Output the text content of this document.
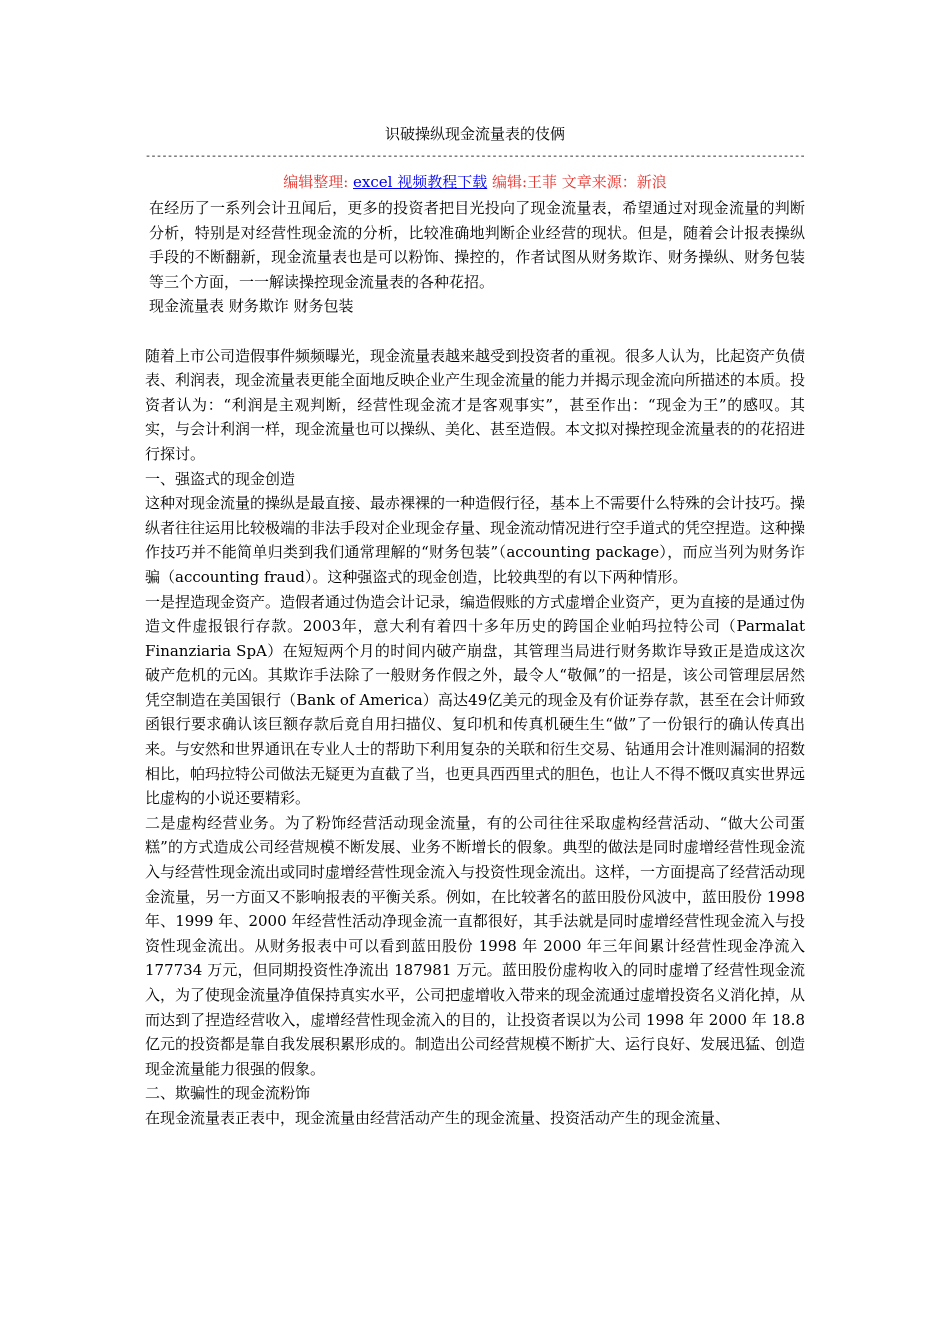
识破操纵现金流量表的伎俩
------------------------------------------------------------------------------------------------------------------------
编辑整理: excel 视频教程下载 编辑:王菲 文章来源：新浪

在经历了一系列会计丑闻后，更多的投资者把目光投向了现金流量表，希望通过对现金流量的判断分析，特别是对经营性现金流的分析，比较准确地判断企业经营的现状。但是，随着会计报表操纵手段的不断翻新，现金流量表也是可以粉饰、操控的，作者试图从财务欺诈、财务操纵、财务包装等三个方面，一一解读操控现金流量表的各种花招。

现金流量表 财务欺诈 财务包装

随着上市公司造假事件频频曝光，现金流量表越来越受到投资者的重视。很多人认为，比起资产负债表、利润表，现金流量表更能全面地反映企业产生现金流量的能力并揭示现金流向所描述的本质。投资者认为：“利润是主观判断，经营性现金流才是客观事实”，甚至作出：“现金为王”的感叹。其实，与会计利润一样，现金流量也可以操纵、美化、甚至造假。本文拟对操控现金流量表的的花招进行探讨。

一、强盗式的现金创造

这种对现金流量的操纵是最直接、最赤裸裸的一种造假行径，基本上不需要什么特殊的会计技巧。操纵者往往运用比较极端的非法手段对企业现金存量、现金流动情况进行空手道式的凭空捏造。这种操作技巧并不能简单归类到我们通常理解的“财务包装”（accounting package），而应当列为财务诈骗（accounting fraud）。这种强盗式的现金创造，比较典型的有以下两种情形。

一是捏造现金资产。造假者通过伪造会计记录，编造假账的方式虚增企业资产，更为直接的是通过伪造文件虚报银行存款。2003年，意大利有着四十多年历史的跨国企业帕玛拉特公司（Parmalat Finanziaria SpA）在短短两个月的时间内破产崩盘，其管理当局进行财务欺诈导致正是造成这次破产危机的元凶。其欺诈手法除了一般财务作假之外，最令人“敬佩”的一招是，该公司管理层居然凭空制造在美国银行（Bank of America）高达49亿美元的现金及有价证券存款，甚至在会计师致函银行要求确认该巨额存款后竟自用扫描仪、复印机和传真机硬生生“做”了一份银行的确认传真出来。与安然和世界通讯在专业人士的帮助下利用复杂的关联和衍生交易、钻通用会计准则漏洞的招数相比，帕玛拉特公司做法无疑更为直截了当，也更具西西里式的胆色，也让人不得不慨叹真实世界远比虚构的小说还要精彩。

二是虚构经营业务。为了粉饰经营活动现金流量，有的公司往往采取虚构经营活动、“做大公司蛋糕”的方式造成公司经营规模不断发展、业务不断增长的假象。典型的做法是同时虚增经营性现金流入与经营性现金流出或同时虚增经营性现金流入与投资性现金流出。这样，一方面提高了经营活动现金流量，另一方面又不影响报表的平衡关系。例如，在比较著名的蓝田股份风波中，蓝田股份 1998 年、1999 年、2000 年经营性活动净现金流一直都很好，其手法就是同时虚增经营性现金流入与投资性现金流出。从财务报表中可以看到蓝田股份 1998 年 2000 年三年间累计经营性现金净流入 177734 万元，但同期投资性净流出 187981 万元。蓝田股份虚构收入的同时虚增了经营性现金流入，为了使现金流量净值保持真实水平，公司把虚增收入带来的现金流通过虚增投资名义消化掉，从而达到了捏造经营收入，虚增经营性现金流入的目的，让投资者误以为公司 1998 年 2000 年 18.8 亿元的投资都是靠自我发展积累形成的。制造出公司经营规模不断扩大、运行良好、发展迅猛、创造现金流量能力很强的假象。

二、欺骗性的现金流粉饰

在现金流量表正表中，现金流量由经营活动产生的现金流量、投资活动产生的现金流量、
